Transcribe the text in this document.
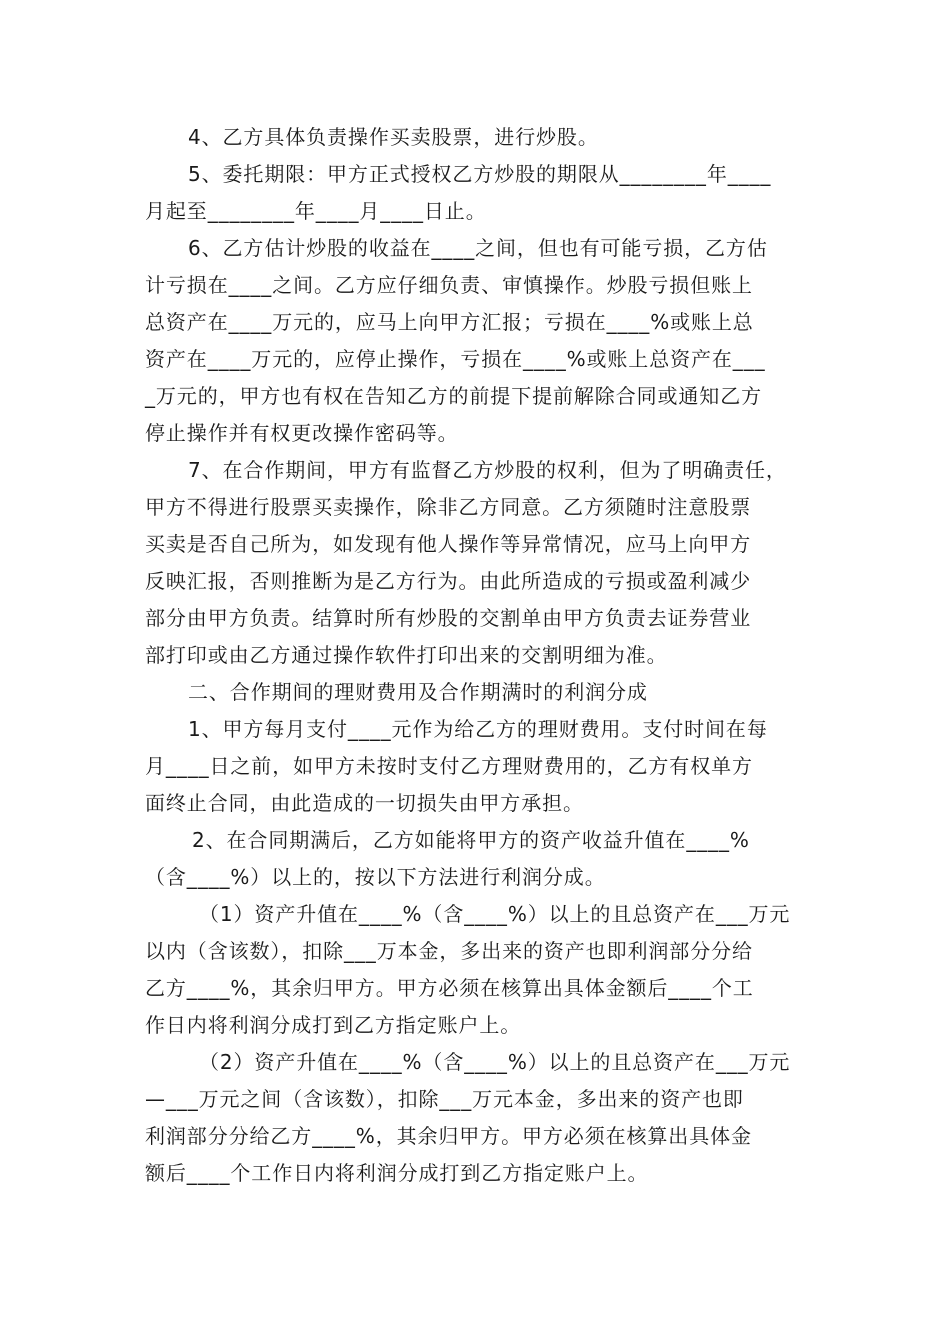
4、乙方具体负责操作买卖股票，进行炒股。
5、委托期限：甲方正式授权乙方炒股的期限从________年____
月起至________年____月____日止。
6、乙方估计炒股的收益在____之间，但也有可能亏损，乙方估
计亏损在____之间。乙方应仔细负责、审慎操作。炒股亏损但账上
总资产在____万元的，应马上向甲方汇报；亏损在____%或账上总
资产在____万元的，应停止操作，亏损在____%或账上总资产在___
_万元的，甲方也有权在告知乙方的前提下提前解除合同或通知乙方
停止操作并有权更改操作密码等。
7、在合作期间，甲方有监督乙方炒股的权利，但为了明确责任，
甲方不得进行股票买卖操作，除非乙方同意。乙方须随时注意股票
买卖是否自己所为，如发现有他人操作等异常情况，应马上向甲方
反映汇报，否则推断为是乙方行为。由此所造成的亏损或盈利减少
部分由甲方负责。结算时所有炒股的交割单由甲方负责去证券营业
部打印或由乙方通过操作软件打印出来的交割明细为准。
二、合作期间的理财费用及合作期满时的利润分成
1、甲方每月支付____元作为给乙方的理财费用。支付时间在每
月____日之前，如甲方未按时支付乙方理财费用的，乙方有权单方
面终止合同，由此造成的一切损失由甲方承担。
2、在合同期满后，乙方如能将甲方的资产收益升值在____%
（含____%）以上的，按以下方法进行利润分成。
（1）资产升值在____%（含____%）以上的且总资产在___万元
以内（含该数），扣除___万本金，多出来的资产也即利润部分分给
乙方____%，其余归甲方。甲方必须在核算出具体金额后____个工
作日内将利润分成打到乙方指定账户上。
（2）资产升值在____%（含____%）以上的且总资产在___万元
—___万元之间（含该数），扣除___万元本金，多出来的资产也即
利润部分分给乙方____%，其余归甲方。甲方必须在核算出具体金
额后____个工作日内将利润分成打到乙方指定账户上。
